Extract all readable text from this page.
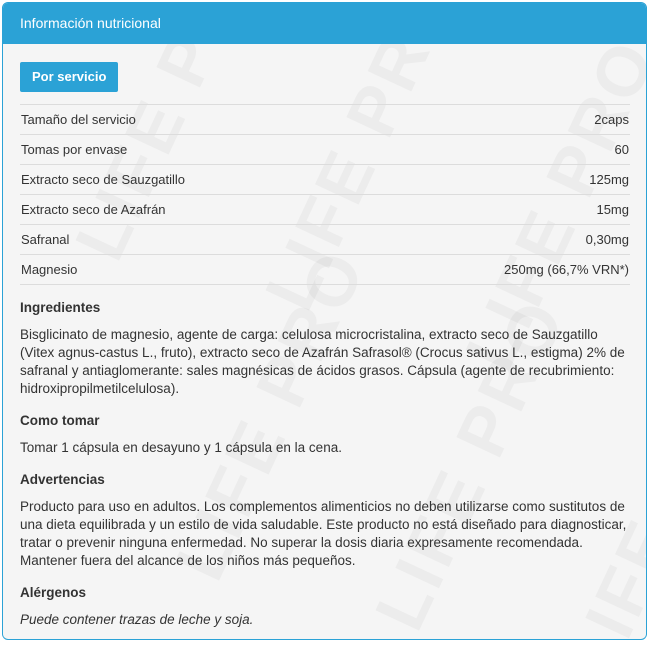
Información nutricional
Por servicio
Tamaño del servicio	2caps
Tomas por envase	60
Extracto seco de Sauzgatillo	125mg
Extracto seco de Azafrán	15mg
Safranal	0,30mg
Magnesio	250mg (66,7% VRN*)
Ingredientes
Bisglicinato de magnesio, agente de carga: celulosa microcristalina, extracto seco de Sauzgatillo (Vitex agnus-castus L., fruto), extracto seco de Azafrán Safrasol® (Crocus sativus L., estigma) 2% de safranal y antiaglomerante: sales magnésicas de ácidos grasos. Cápsula (agente de recubrimiento: hidroxipropilmetilcelulosa).
Como tomar
Tomar 1 cápsula en desayuno y 1 cápsula en la cena.
Advertencias
Producto para uso en adultos. Los complementos alimenticios no deben utilizarse como sustitutos de una dieta equilibrada y un estilo de vida saludable. Este producto no está diseñado para diagnosticar, tratar o prevenir ninguna enfermedad. No superar la dosis diaria expresamente recomendada. Mantener fuera del alcance de los niños más pequeños.
Alérgenos
Puede contener trazas de leche y soja.
